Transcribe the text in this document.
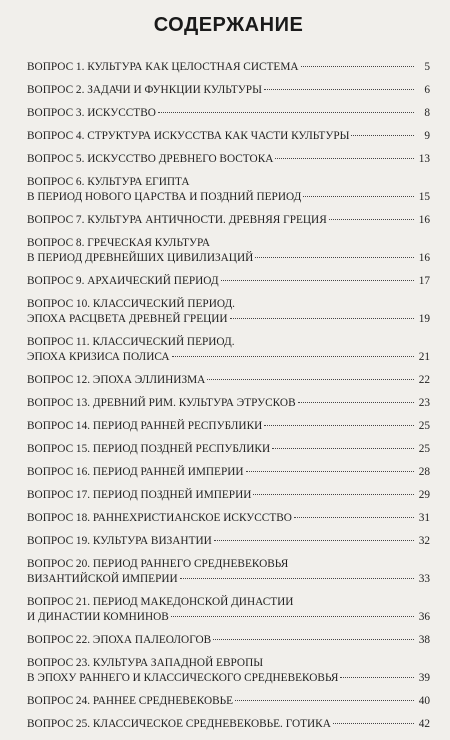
СОДЕРЖАНИЕ
ВОПРОС 1. КУЛЬТУРА КАК ЦЕЛОСТНАЯ СИСТЕМА	5
ВОПРОС 2. ЗАДАЧИ И ФУНКЦИИ КУЛЬТУРЫ	6
ВОПРОС 3. ИСКУССТВО	8
ВОПРОС 4. СТРУКТУРА ИСКУССТВА КАК ЧАСТИ КУЛЬТУРЫ	9
ВОПРОС 5. ИСКУССТВО ДРЕВНЕГО ВОСТОКА	13
ВОПРОС 6. КУЛЬТУРА ЕГИПТА
В ПЕРИОД НОВОГО ЦАРСТВА И ПОЗДНИЙ ПЕРИОД	15
ВОПРОС 7. КУЛЬТУРА АНТИЧНОСТИ. ДРЕВНЯЯ ГРЕЦИЯ	16
ВОПРОС 8. ГРЕЧЕСКАЯ КУЛЬТУРА
В ПЕРИОД ДРЕВНЕЙШИХ ЦИВИЛИЗАЦИЙ	16
ВОПРОС 9. АРХАИЧЕСКИЙ ПЕРИОД	17
ВОПРОС 10. КЛАССИЧЕСКИЙ ПЕРИОД.
ЭПОХА РАСЦВЕТА ДРЕВНЕЙ ГРЕЦИИ	19
ВОПРОС 11. КЛАССИЧЕСКИЙ ПЕРИОД.
ЭПОХА КРИЗИСА ПОЛИСА	21
ВОПРОС 12. ЭПОХА ЭЛЛИНИЗМА	22
ВОПРОС 13. ДРЕВНИЙ РИМ. КУЛЬТУРА ЭТРУСКОВ	23
ВОПРОС 14. ПЕРИОД РАННЕЙ РЕСПУБЛИКИ	25
ВОПРОС 15. ПЕРИОД ПОЗДНЕЙ РЕСПУБЛИКИ	25
ВОПРОС 16. ПЕРИОД РАННЕЙ ИМПЕРИИ	28
ВОПРОС 17. ПЕРИОД ПОЗДНЕЙ ИМПЕРИИ	29
ВОПРОС 18. РАННЕХРИСТИАНСКОЕ ИСКУССТВО	31
ВОПРОС 19. КУЛЬТУРА ВИЗАНТИИ	32
ВОПРОС 20. ПЕРИОД РАННЕГО СРЕДНЕВЕКОВЬЯ
ВИЗАНТИЙСКОЙ ИМПЕРИИ	33
ВОПРОС 21. ПЕРИОД МАКЕДОНСКОЙ ДИНАСТИИ
И ДИНАСТИИ КОМНИНОВ	36
ВОПРОС 22. ЭПОХА ПАЛЕОЛОГОВ	38
ВОПРОС 23. КУЛЬТУРА ЗАПАДНОЙ ЕВРОПЫ
В ЭПОХУ РАННЕГО И КЛАССИЧЕСКОГО СРЕДНЕВЕКОВЬЯ	39
ВОПРОС 24. РАННЕЕ СРЕДНЕВЕКОВЬЕ	40
ВОПРОС 25. КЛАССИЧЕСКОЕ СРЕДНЕВЕКОВЬЕ. ГОТИКА	42
